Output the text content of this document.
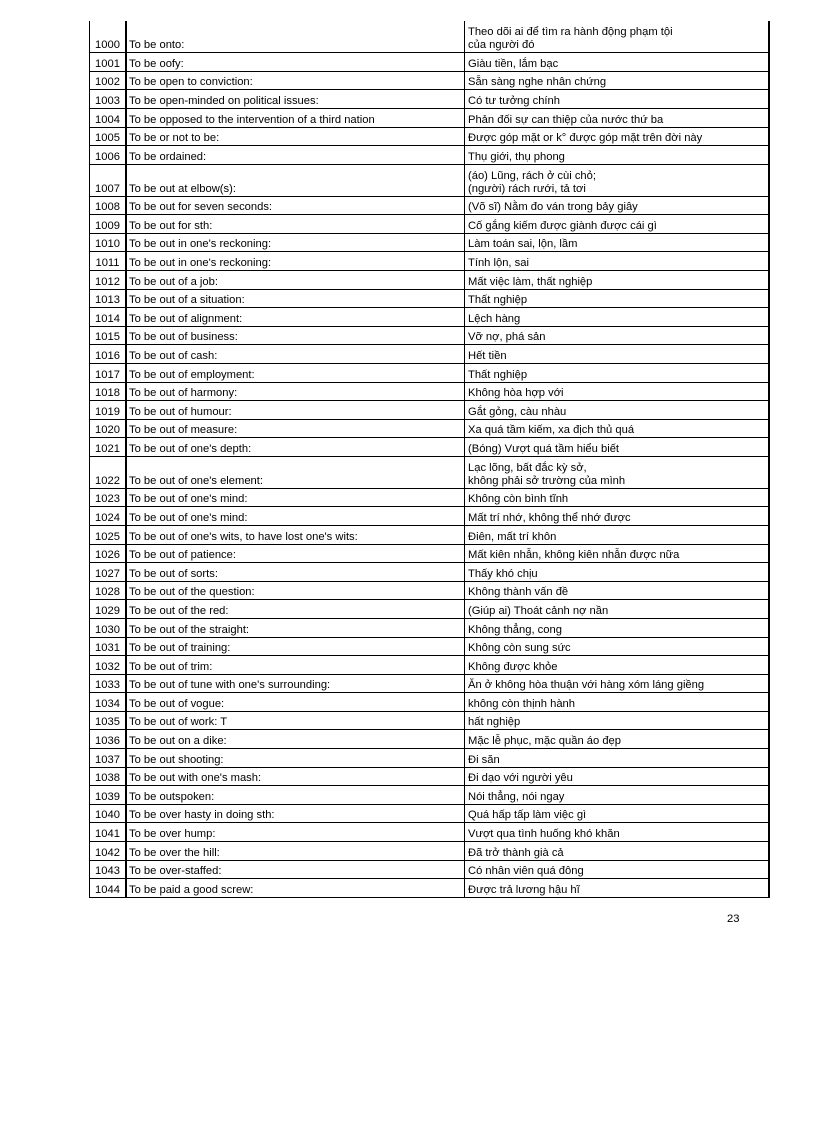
1000	To be onto:	Theo dõi ai để tìm ra hành động phạm tội
của người đó

1001	To be oofy:	Giàu tiền, lắm bạc

1002	To be open to conviction:	Sẵn sàng nghe nhân chứng

1003	To be open-minded on political issues:	Có tư tưởng chính

1004	To be opposed to the intervention of a third nation	Phản đối sự can thiệp của nước thứ ba

1005	To be or not to be:	Được góp mặt or k° được góp mặt trên đời này

1006	To be ordained:	Thụ giới, thụ phong

1007	To be out at elbow(s):	(áo) Lũng, rách ở cùi chỏ;
(người) rách rưới, tả tơi

1008	To be out for seven seconds:	(Võ sĩ) Nằm đo ván trong bảy giây

1009	To be out for sth:	Cố gắng kiếm được giành được cái gì

1010	To be out in one's reckoning:	Làm toán sai, lộn, lầm

1011	To be out in one's reckoning:	Tính lộn, sai

1012	To be out of a job:	Mất việc làm, thất nghiệp

1013	To be out of a situation:	Thất nghiệp

1014	To be out of alignment:	Lệch hàng

1015	To be out of business:	Vỡ nợ, phá sản

1016	To be out of cash:	Hết tiền

1017	To be out of employment:	Thất nghiệp

1018	To be out of harmony:	Không hòa hợp với

1019	To be out of humour:	Gắt gỏng, càu nhàu

1020	To be out of measure:	Xa quá tầm kiếm, xa địch thủ quá

1021	To be out of one's depth:	(Bóng) Vượt quá tầm hiểu biết

1022	To be out of one's element:	Lạc lõng, bất đắc kỳ sở,
không phải sở trường của mình

1023	To be out of one's mind:	Không còn bình tĩnh

1024	To be out of one's mind:	Mất trí nhớ, không thể nhớ được

1025	To be out of one's wits, to have lost one's wits:	Điên, mất trí khôn

1026	To be out of patience:	Mất kiên nhẫn, không kiên nhẫn được nữa

1027	To be out of sorts:	Thấy khó chịu

1028	To be out of the question:	Không thành vấn đề

1029	To be out of the red:	(Giúp ai) Thoát cảnh nợ nần

1030	To be out of the straight:	Không thẳng, cong

1031	To be out of training:	Không còn sung sức

1032	To be out of trim:	Không được khỏe

1033	To be out of tune with one's surrounding:	Ăn ở không hòa thuận với hàng xóm láng giềng

1034	To be out of vogue:	không còn thịnh hành

1035	To be out of work: T	hất nghiệp

1036	To be out on a dike:	Mặc lễ phục, mặc quần áo đẹp

1037	To be out shooting:	Đi săn

1038	To be out with one's mash:	Đi dạo với người yêu

1039	To be outspoken:	Nói thẳng, nói ngay

1040	To be over hasty in doing sth:	Quá hấp tấp làm việc gì

1041	To be over hump:	Vượt qua tình huống khó khăn

1042	To be over the hill:	Đã trở thành già cả

1043	To be over-staffed:	Có nhân viên quá đông

1044	To be paid a good screw:	Được trả lương hậu hĩ
23
